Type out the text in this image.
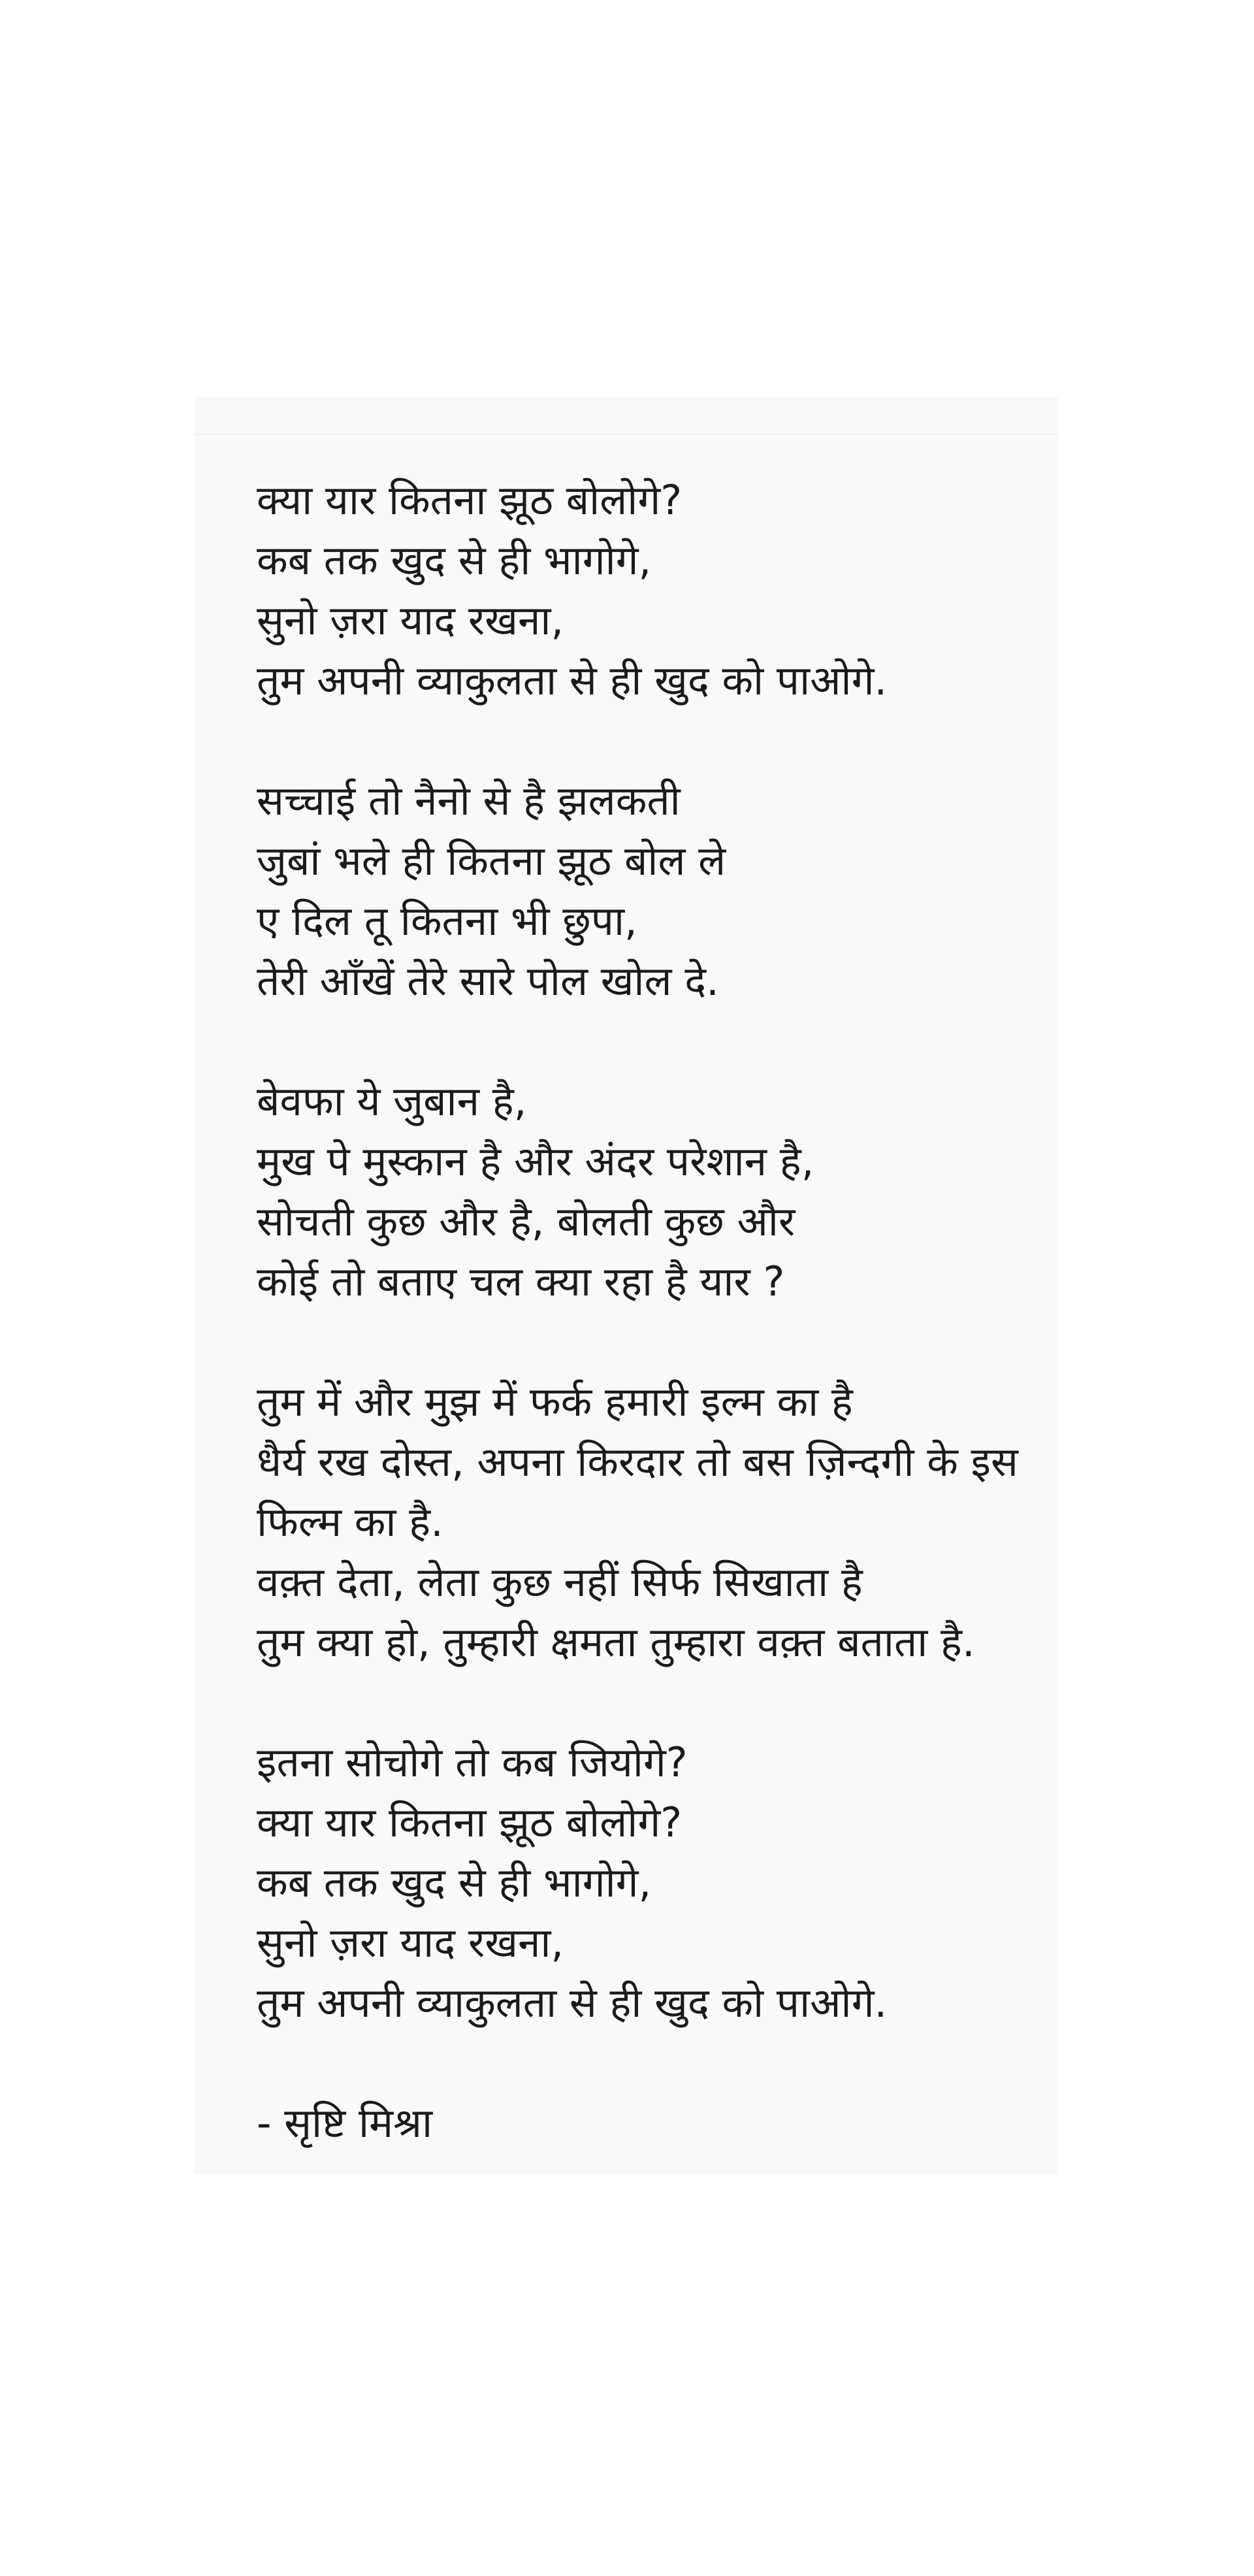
क्या यार कितना झूठ बोलोगे?
कब तक खुद से ही भागोगे,
सुनो ज़रा याद रखना,
तुम अपनी व्याकुलता से ही खुद को पाओगे.
सच्चाई तो नैनो से है झलकती
जुबां भले ही कितना झूठ बोल ले
ए दिल तू कितना भी छुपा,
तेरी आँखें तेरे सारे पोल खोल दे.
बेवफा ये जुबान है,
मुख पे मुस्कान है और अंदर परेशान है,
सोचती कुछ और है, बोलती कुछ और
कोई तो बताए चल क्या रहा है यार ?
तुम में और मुझ में फर्क हमारी इल्म का है
धैर्य रख दोस्त, अपना किरदार तो बस ज़िन्दगी के इस फिल्म का है.
वक़्त देता, लेता कुछ नहीं सिर्फ सिखाता है
तुम क्या हो, तुम्हारी क्षमता तुम्हारा वक़्त बताता है.
इतना सोचोगे तो कब जियोगे?
क्या यार कितना झूठ बोलोगे?
कब तक खुद से ही भागोगे,
सुनो ज़रा याद रखना,
तुम अपनी व्याकुलता से ही खुद को पाओगे.
- सृष्टि मिश्रा
